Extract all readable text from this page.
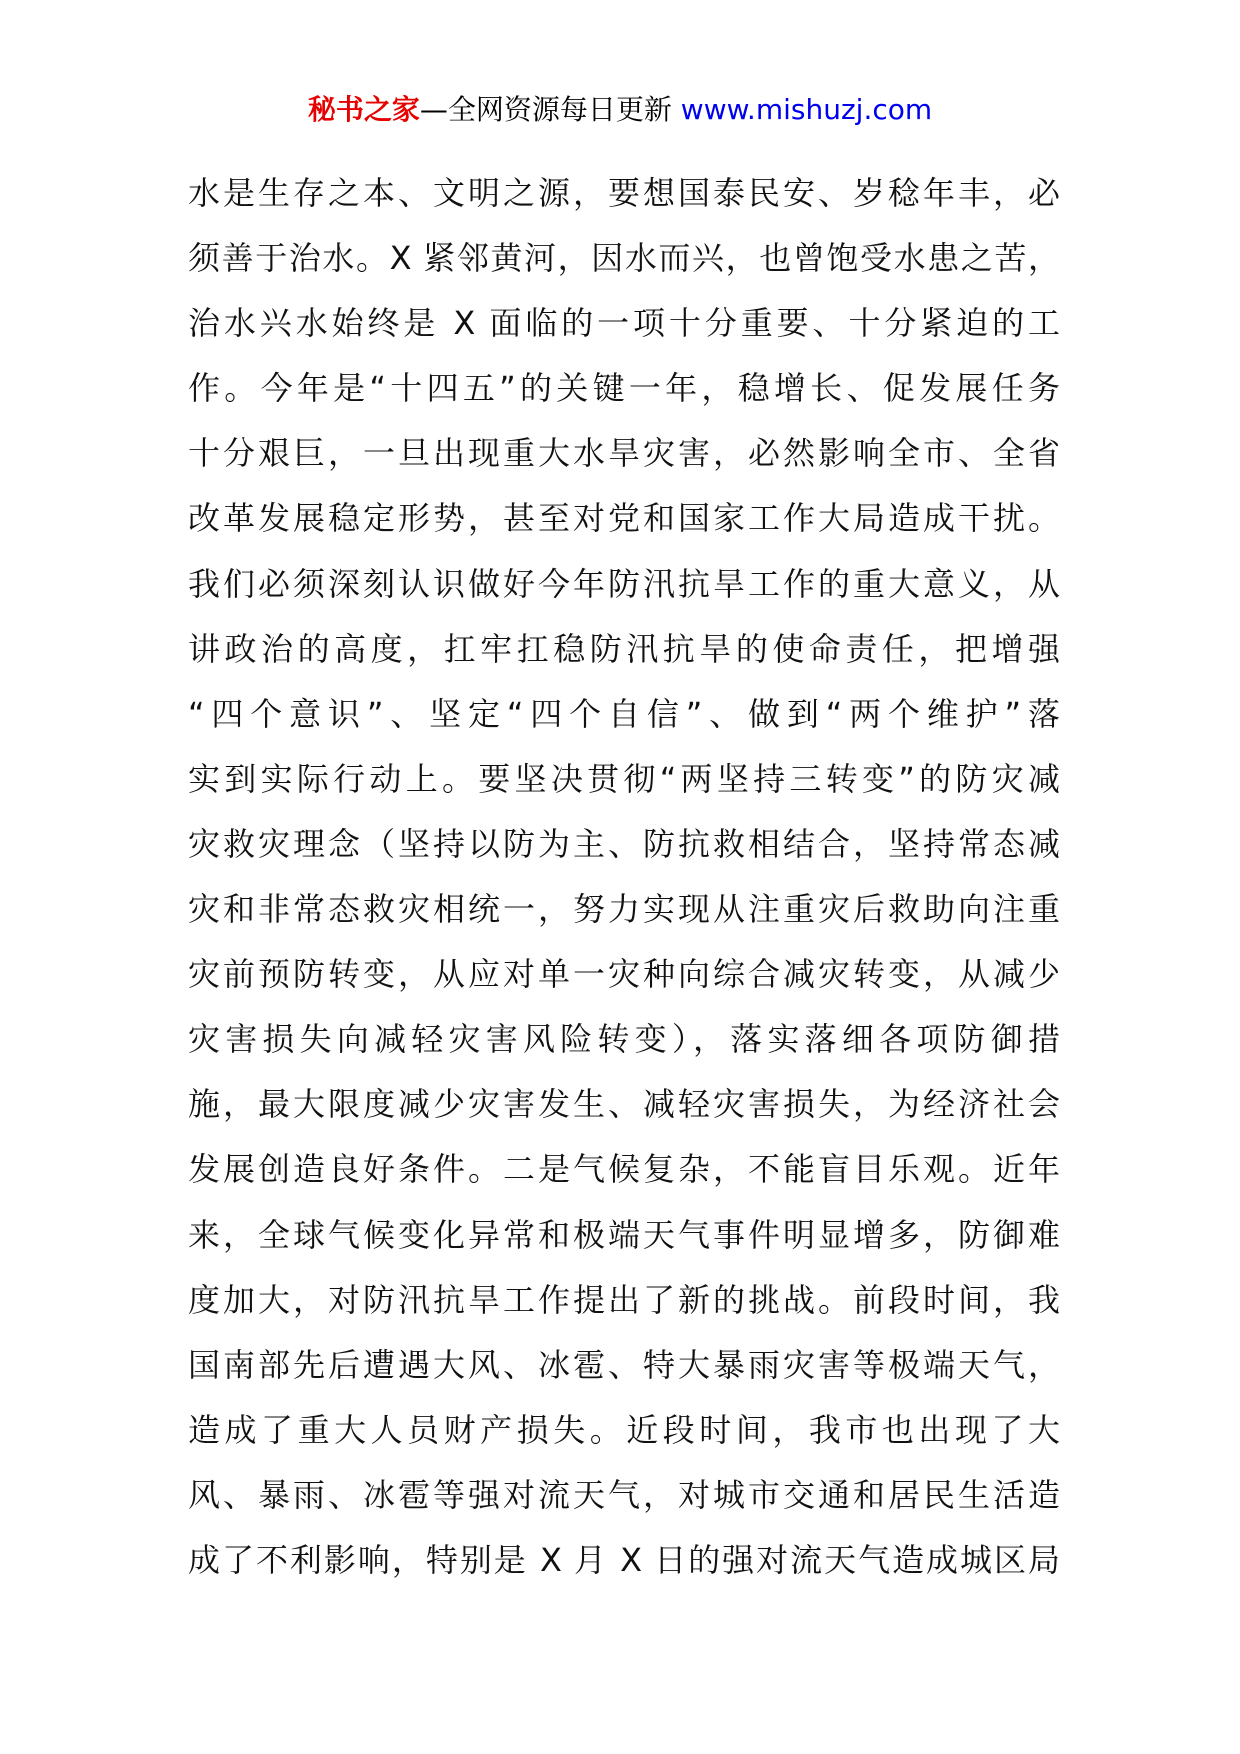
秘书之家—全网资源每日更新 www.mishuzj.com
水是生存之本、文明之源，要想国泰民安、岁稔年丰，必
须善于治水。X 紧邻黄河，因水而兴，也曾饱受水患之苦，
治水兴水始终是 X 面临的一项十分重要、十分紧迫的工
作。今年是“十四五”的关键一年，稳增长、促发展任务
十分艰巨，一旦出现重大水旱灾害，必然影响全市、全省
改革发展稳定形势，甚至对党和国家工作大局造成干扰。
我们必须深刻认识做好今年防汛抗旱工作的重大意义，从
讲政治的高度，扛牢扛稳防汛抗旱的使命责任，把增强
“四个意识”、坚定“四个自信”、做到“两个维护”落
实到实际行动上。要坚决贯彻“两坚持三转变”的防灾减
灾救灾理念（坚持以防为主、防抗救相结合，坚持常态减
灾和非常态救灾相统一，努力实现从注重灾后救助向注重
灾前预防转变，从应对单一灾种向综合减灾转变，从减少
灾害损失向减轻灾害风险转变），落实落细各项防御措
施，最大限度减少灾害发生、减轻灾害损失，为经济社会
发展创造良好条件。二是气候复杂，不能盲目乐观。近年
来，全球气候变化异常和极端天气事件明显增多，防御难
度加大，对防汛抗旱工作提出了新的挑战。前段时间，我
国南部先后遭遇大风、冰雹、特大暴雨灾害等极端天气，
造成了重大人员财产损失。近段时间，我市也出现了大
风、暴雨、冰雹等强对流天气，对城市交通和居民生活造
成了不利影响，特别是 X 月 X 日的强对流天气造成城区局
